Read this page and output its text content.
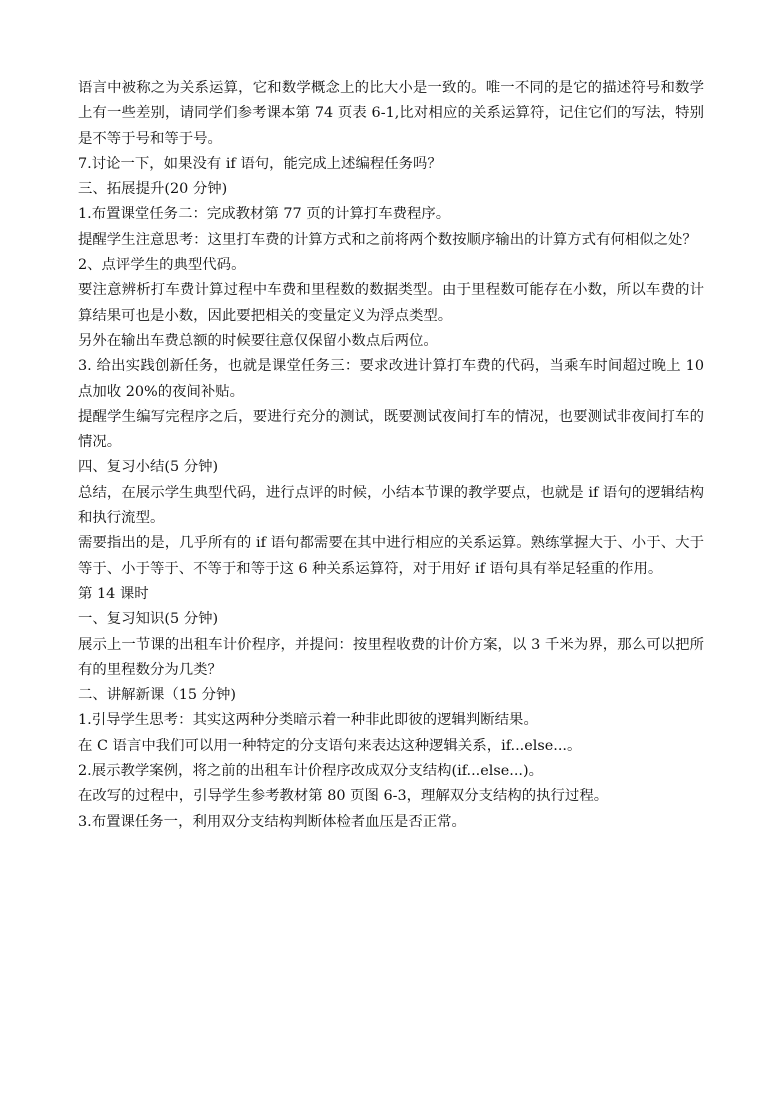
语言中被称之为关系运算，它和数学概念上的比大小是一致的。唯一不同的是它的描述符号和数学上有一些差别，请同学们参考课本第 74 页表 6-1,比对相应的关系运算符，记住它们的写法，特别是不等于号和等于号。

7.讨论一下，如果没有 if 语句，能完成上述编程任务吗？

三、拓展提升(20 分钟)

1.布置课堂任务二：完成教材第 77 页的计算打车费程序。

提醒学生注意思考：这里打车费的计算方式和之前将两个数按顺序输出的计算方式有何相似之处？

2、点评学生的典型代码。

要注意辨析打车费计算过程中车费和里程数的数据类型。由于里程数可能存在小数，所以车费的计算结果可也是小数，因此要把相关的变量定义为浮点类型。

另外在输出车费总额的时候要往意仅保留小数点后两位。

3. 给出实践创新任务，也就是课堂任务三：要求改进计算打车费的代码，当乘车时间超过晚上 10 点加收 20%的夜间补贴。

提醒学生编写完程序之后，要进行充分的测试，既要测试夜间打车的情况，也要测试非夜间打车的情况。

四、复习小结(5 分钟)

总结，在展示学生典型代码，进行点评的时候，小结本节课的教学要点，也就是 if 语句的逻辑结构和执行流型。

需要指出的是，几乎所有的 if 语句都需要在其中进行相应的关系运算。熟练掌握大于、小于、大于等于、小于等于、不等于和等于这 6 种关系运算符，对于用好 if 语句具有举足轻重的作用。

第 14 课时

一、复习知识(5 分钟)

展示上一节课的出租车计价程序，并提问：按里程收费的计价方案，以 3 千米为界，那么可以把所有的里程数分为几类？

二、讲解新课（15 分钟)

1.引导学生思考：其实这两种分类暗示着一种非此即彼的逻辑判断结果。

在 C 语言中我们可以用一种特定的分支语句来表达这种逻辑关系，if...else...。

2.展示教学案例，将之前的出租车计价程序改成双分支结构(if...else...)。

在改写的过程中，引导学生参考教材第 80 页图 6-3，理解双分支结构的执行过程。

3.布置课任务一，利用双分支结构判断体检者血压是否正常。
